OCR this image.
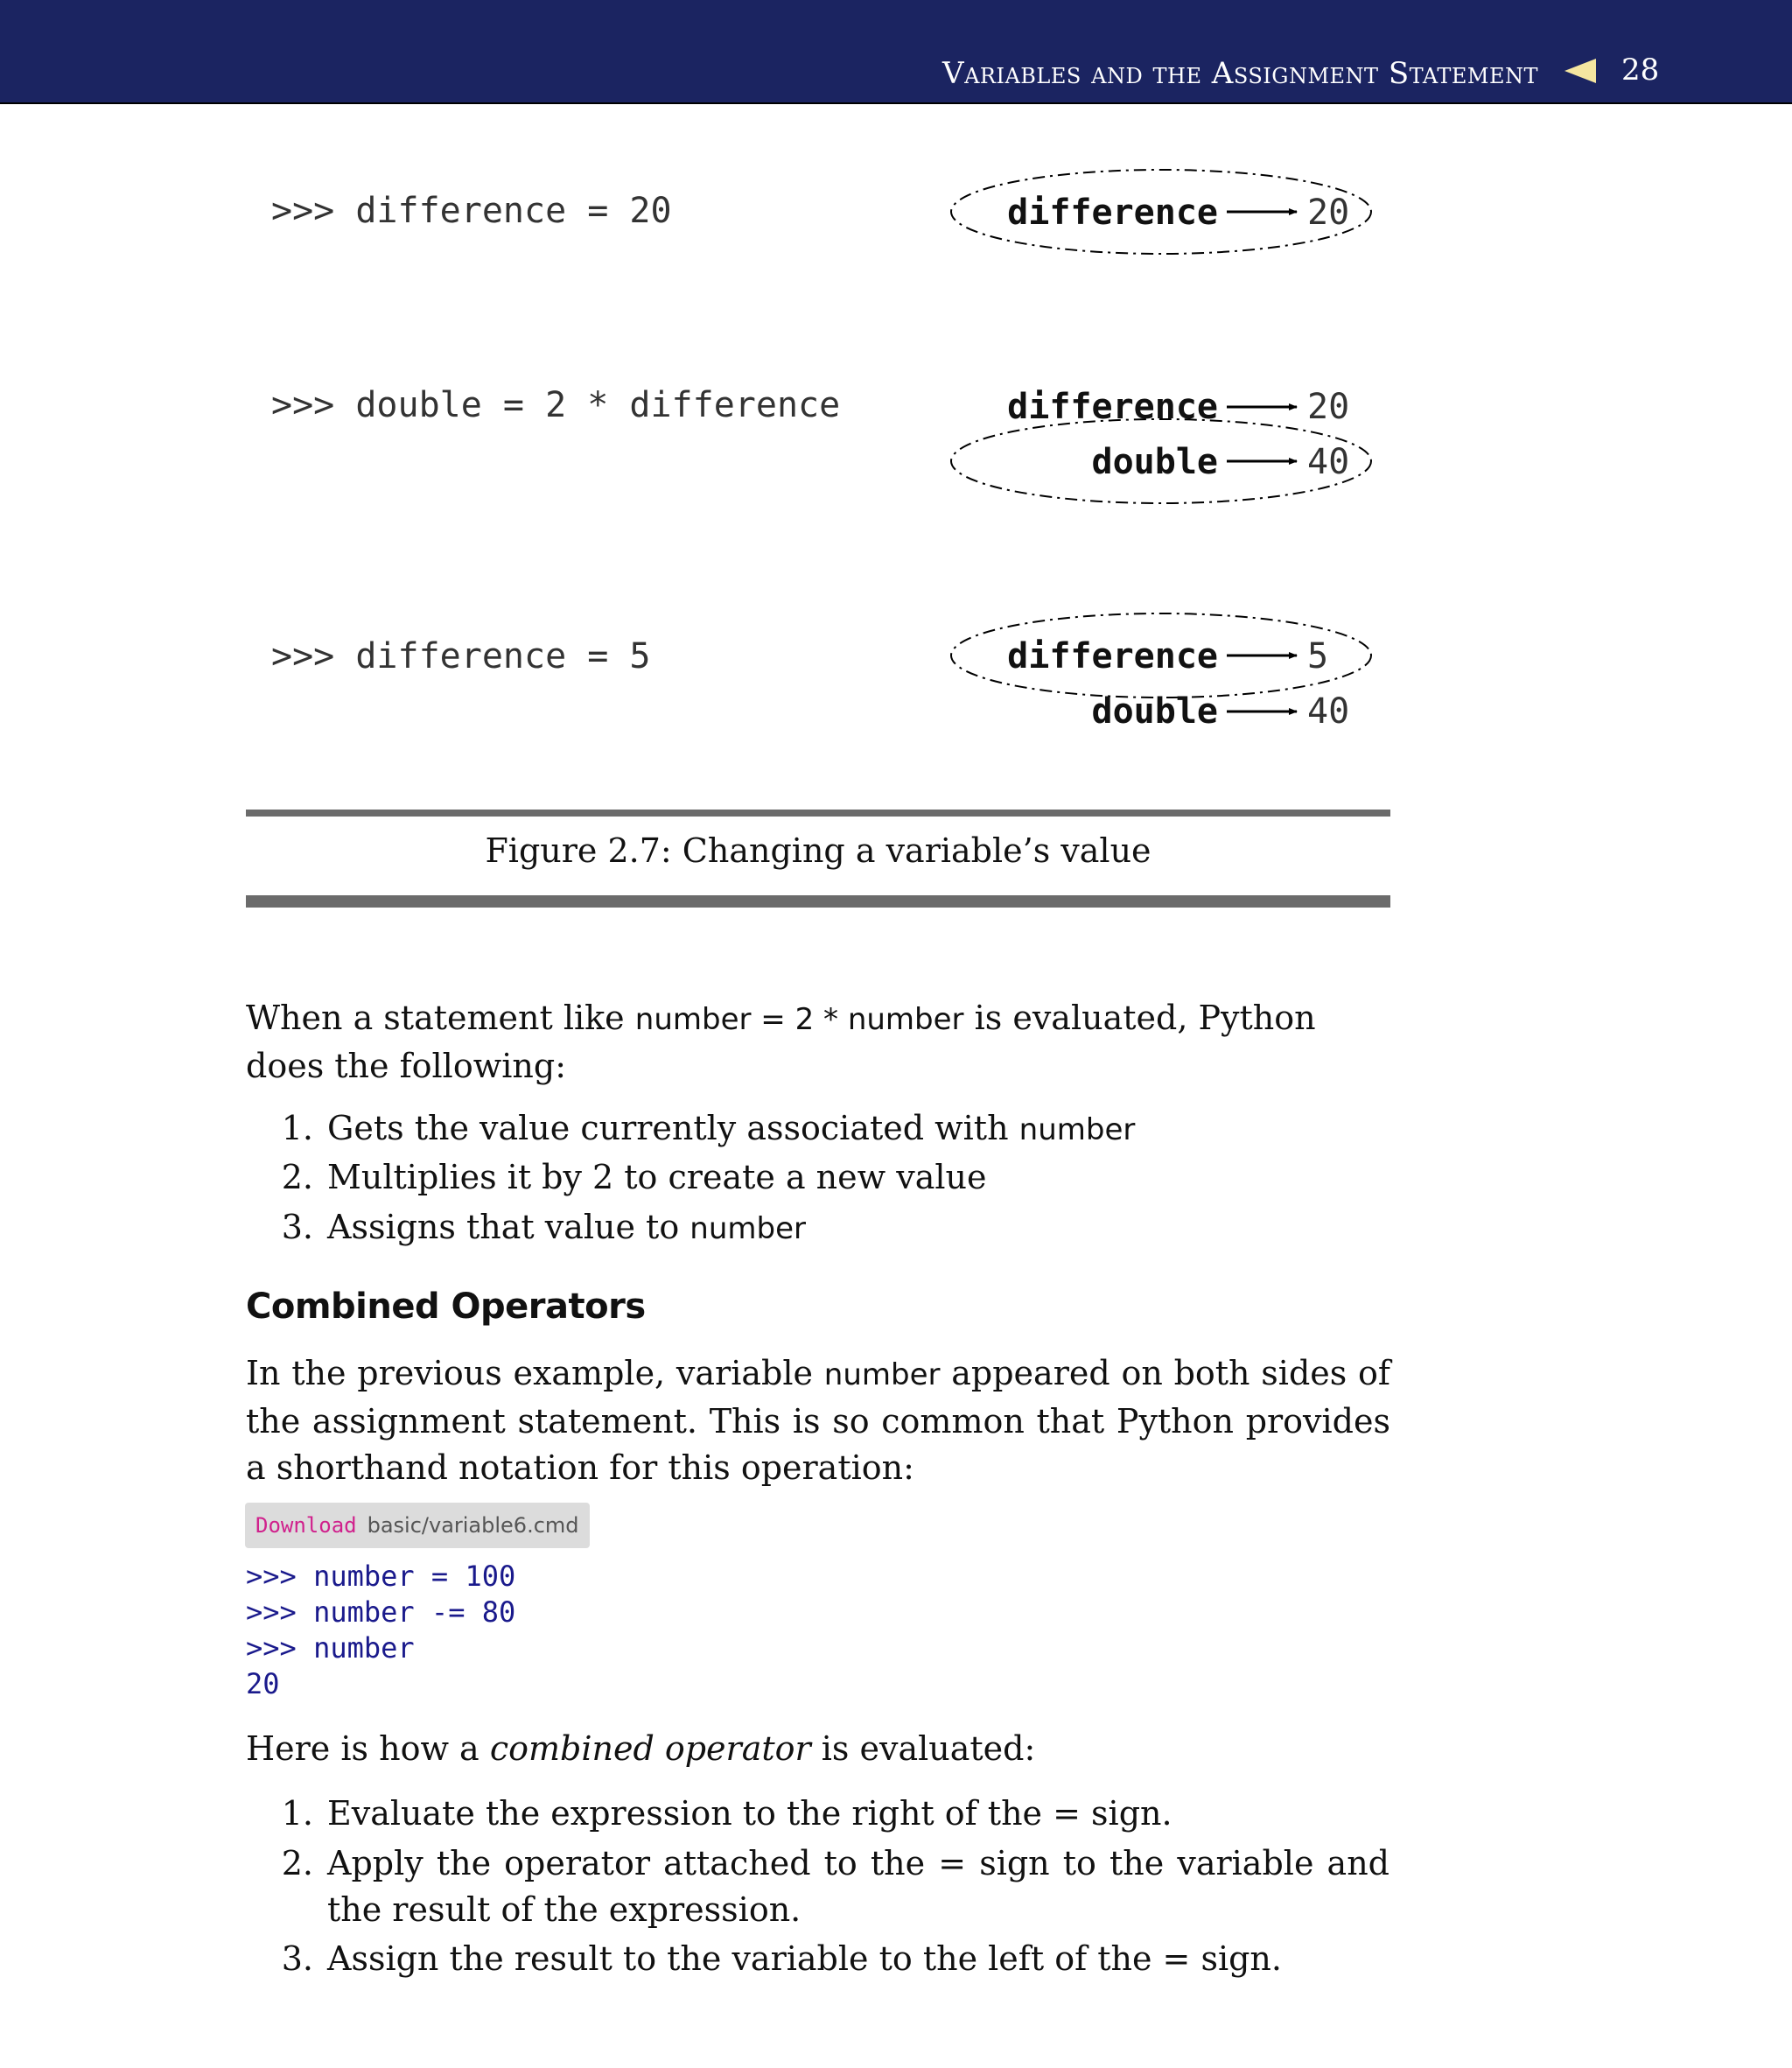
Variables and the Assignment Statement	28
>>> difference = 20
>>> double = 2 * difference
>>> difference = 5
difference	20
difference	20
double	40
difference	5
double	40
Figure 2.7: Changing a variable’s value
When a statement like number = 2 * number is evaluated, Python does the following:
1. Gets the value currently associated with number
2. Multiplies it by 2 to create a new value
3. Assigns that value to number
Combined Operators
In the previous example, variable number appeared on both sides of the assignment statement. This is so common that Python provides a shorthand notation for this operation:
Download basic/variable6.cmd
>>> number = 100
>>> number -= 80
>>> number
20
Here is how a combined operator is evaluated:
1. Evaluate the expression to the right of the = sign.
2. Apply the operator attached to the = sign to the variable and the result of the expression.
3. Assign the result to the variable to the left of the = sign.
